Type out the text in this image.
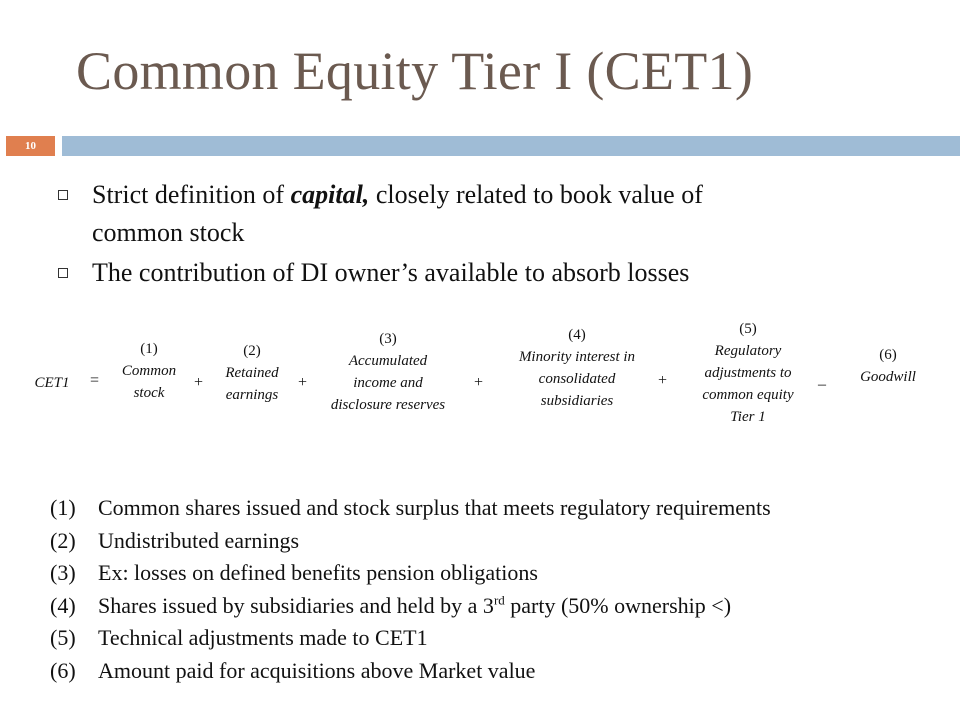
Common Equity Tier I (CET1)
10
Strict definition of capital, closely related to book value of
common stock
The contribution of DI owner’s available to absorb losses
CET1	=
(1)
Common
stock
+
(2)
Retained
earnings
+
(3)
Accumulated
income and
disclosure reserves
+
(4)
Minority interest in
consolidated
subsidiaries
+
(5)
Regulatory
adjustments to
common equity
Tier 1
–
(6)
Goodwill
(1) Common shares issued and stock surplus that meets regulatory requirements
(2) Undistributed earnings
(3) Ex: losses on defined benefits pension obligations
(4) Shares issued by subsidiaries and held by a 3rd party (50% ownership <)
(5) Technical adjustments made to CET1
(6) Amount paid for acquisitions above Market value
